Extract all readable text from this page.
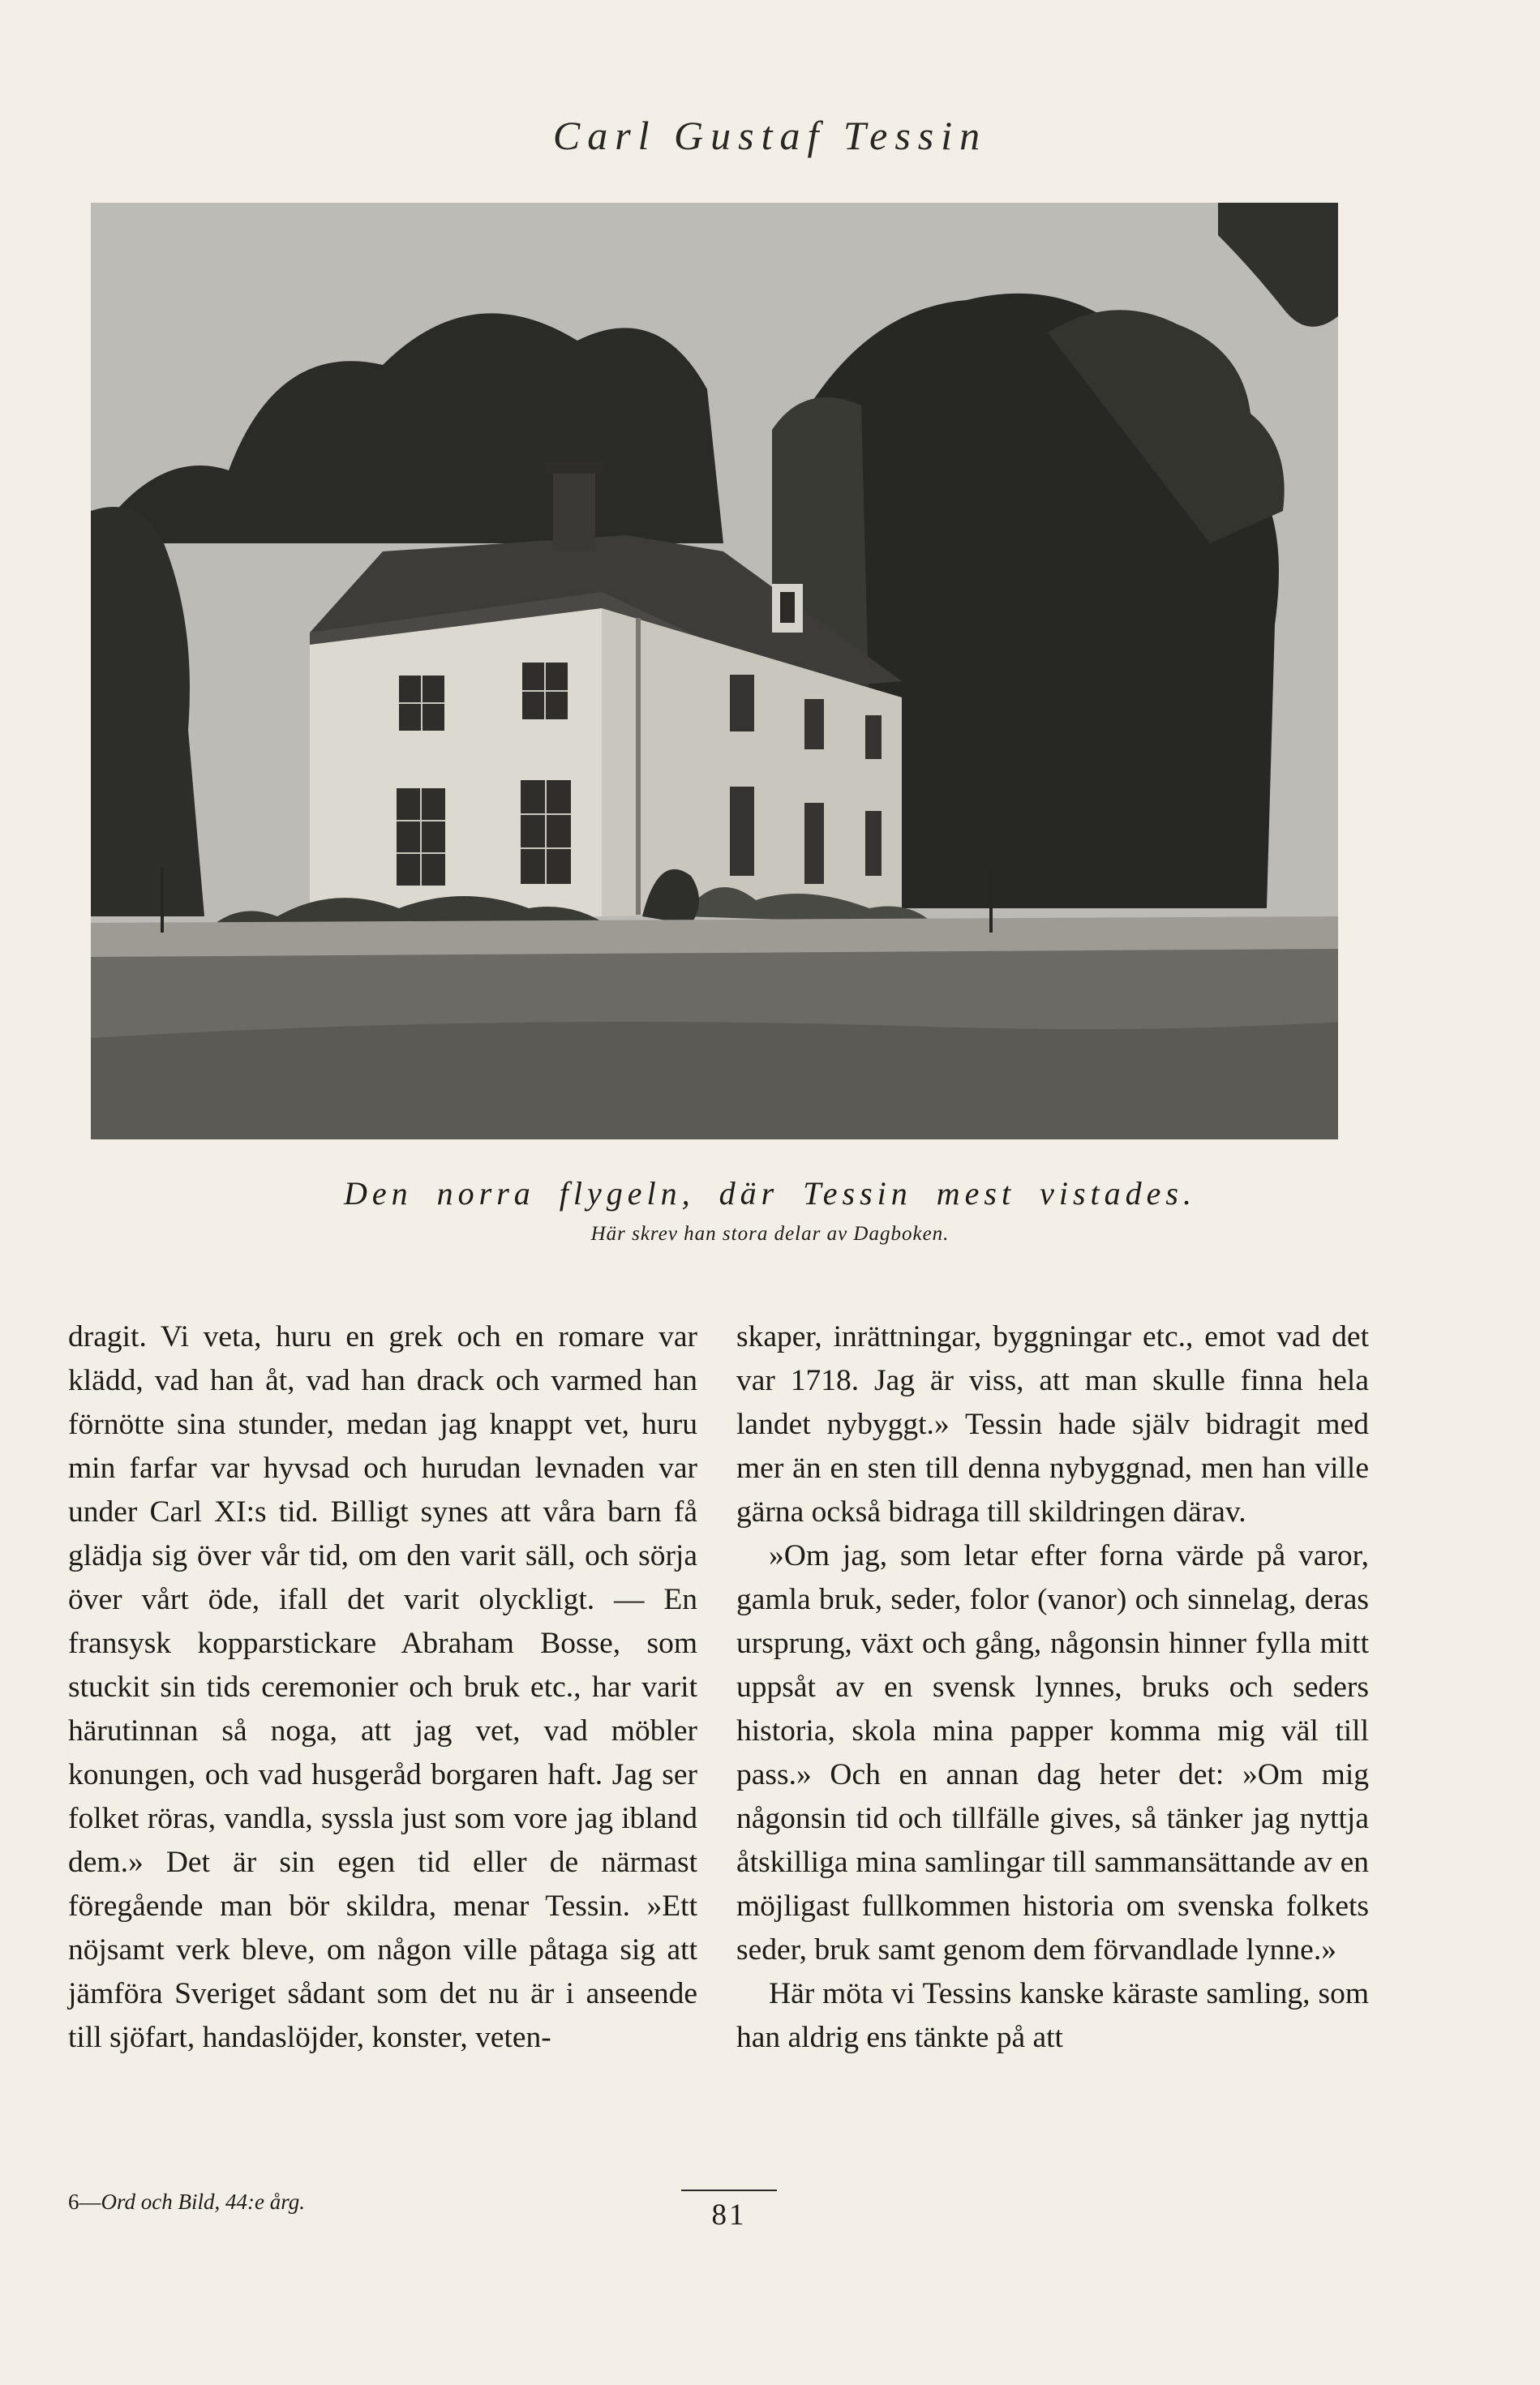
Carl Gustaf Tessin
Den norra flygeln, där Tessin mest vistades.
Här skrev han stora delar av Dagboken.

dragit. Vi veta, huru en grek och en romare var klädd, vad han åt, vad han drack och varmed han förnötte sina stunder, medan jag knappt vet, huru min farfar var hyvsad och hurudan levnaden var under Carl XI:s tid. Billigt synes att våra barn få glädja sig över vår tid, om den varit säll, och sörja över vårt öde, ifall det varit olyckligt. — En fransysk kopparstickare Abraham Bosse, som stuckit sin tids ceremonier och bruk etc., har varit härutinnan så noga, att jag vet, vad möbler konungen, och vad husgeråd borgaren haft. Jag ser folket röras, vandla, syssla just som vore jag ibland dem.» Det är sin egen tid eller de närmast föregående man bör skildra, menar Tessin. »Ett nöjsamt verk bleve, om någon ville påtaga sig att jämföra Sveriget sådant som det nu är i anseende till sjöfart, handaslöjder, konster, veten-

skaper, inrättningar, byggningar etc., emot vad det var 1718. Jag är viss, att man skulle finna hela landet nybyggt.» Tessin hade själv bidragit med mer än en sten till denna nybyggnad, men han ville gärna också bidraga till skildringen därav.

»Om jag, som letar efter forna värde på varor, gamla bruk, seder, folor (vanor) och sinnelag, deras ursprung, växt och gång, någonsin hinner fylla mitt uppsåt av en svensk lynnes, bruks och seders historia, skola mina papper komma mig väl till pass.» Och en annan dag heter det: »Om mig någonsin tid och tillfälle gives, så tänker jag nyttja åtskilliga mina samlingar till sammansättande av en möjligast fullkommen historia om svenska folkets seder, bruk samt genom dem förvandlade lynne.»

Här möta vi Tessins kanske käraste samling, som han aldrig ens tänkte på att

6—Ord och Bild, 44:e årg.	81
